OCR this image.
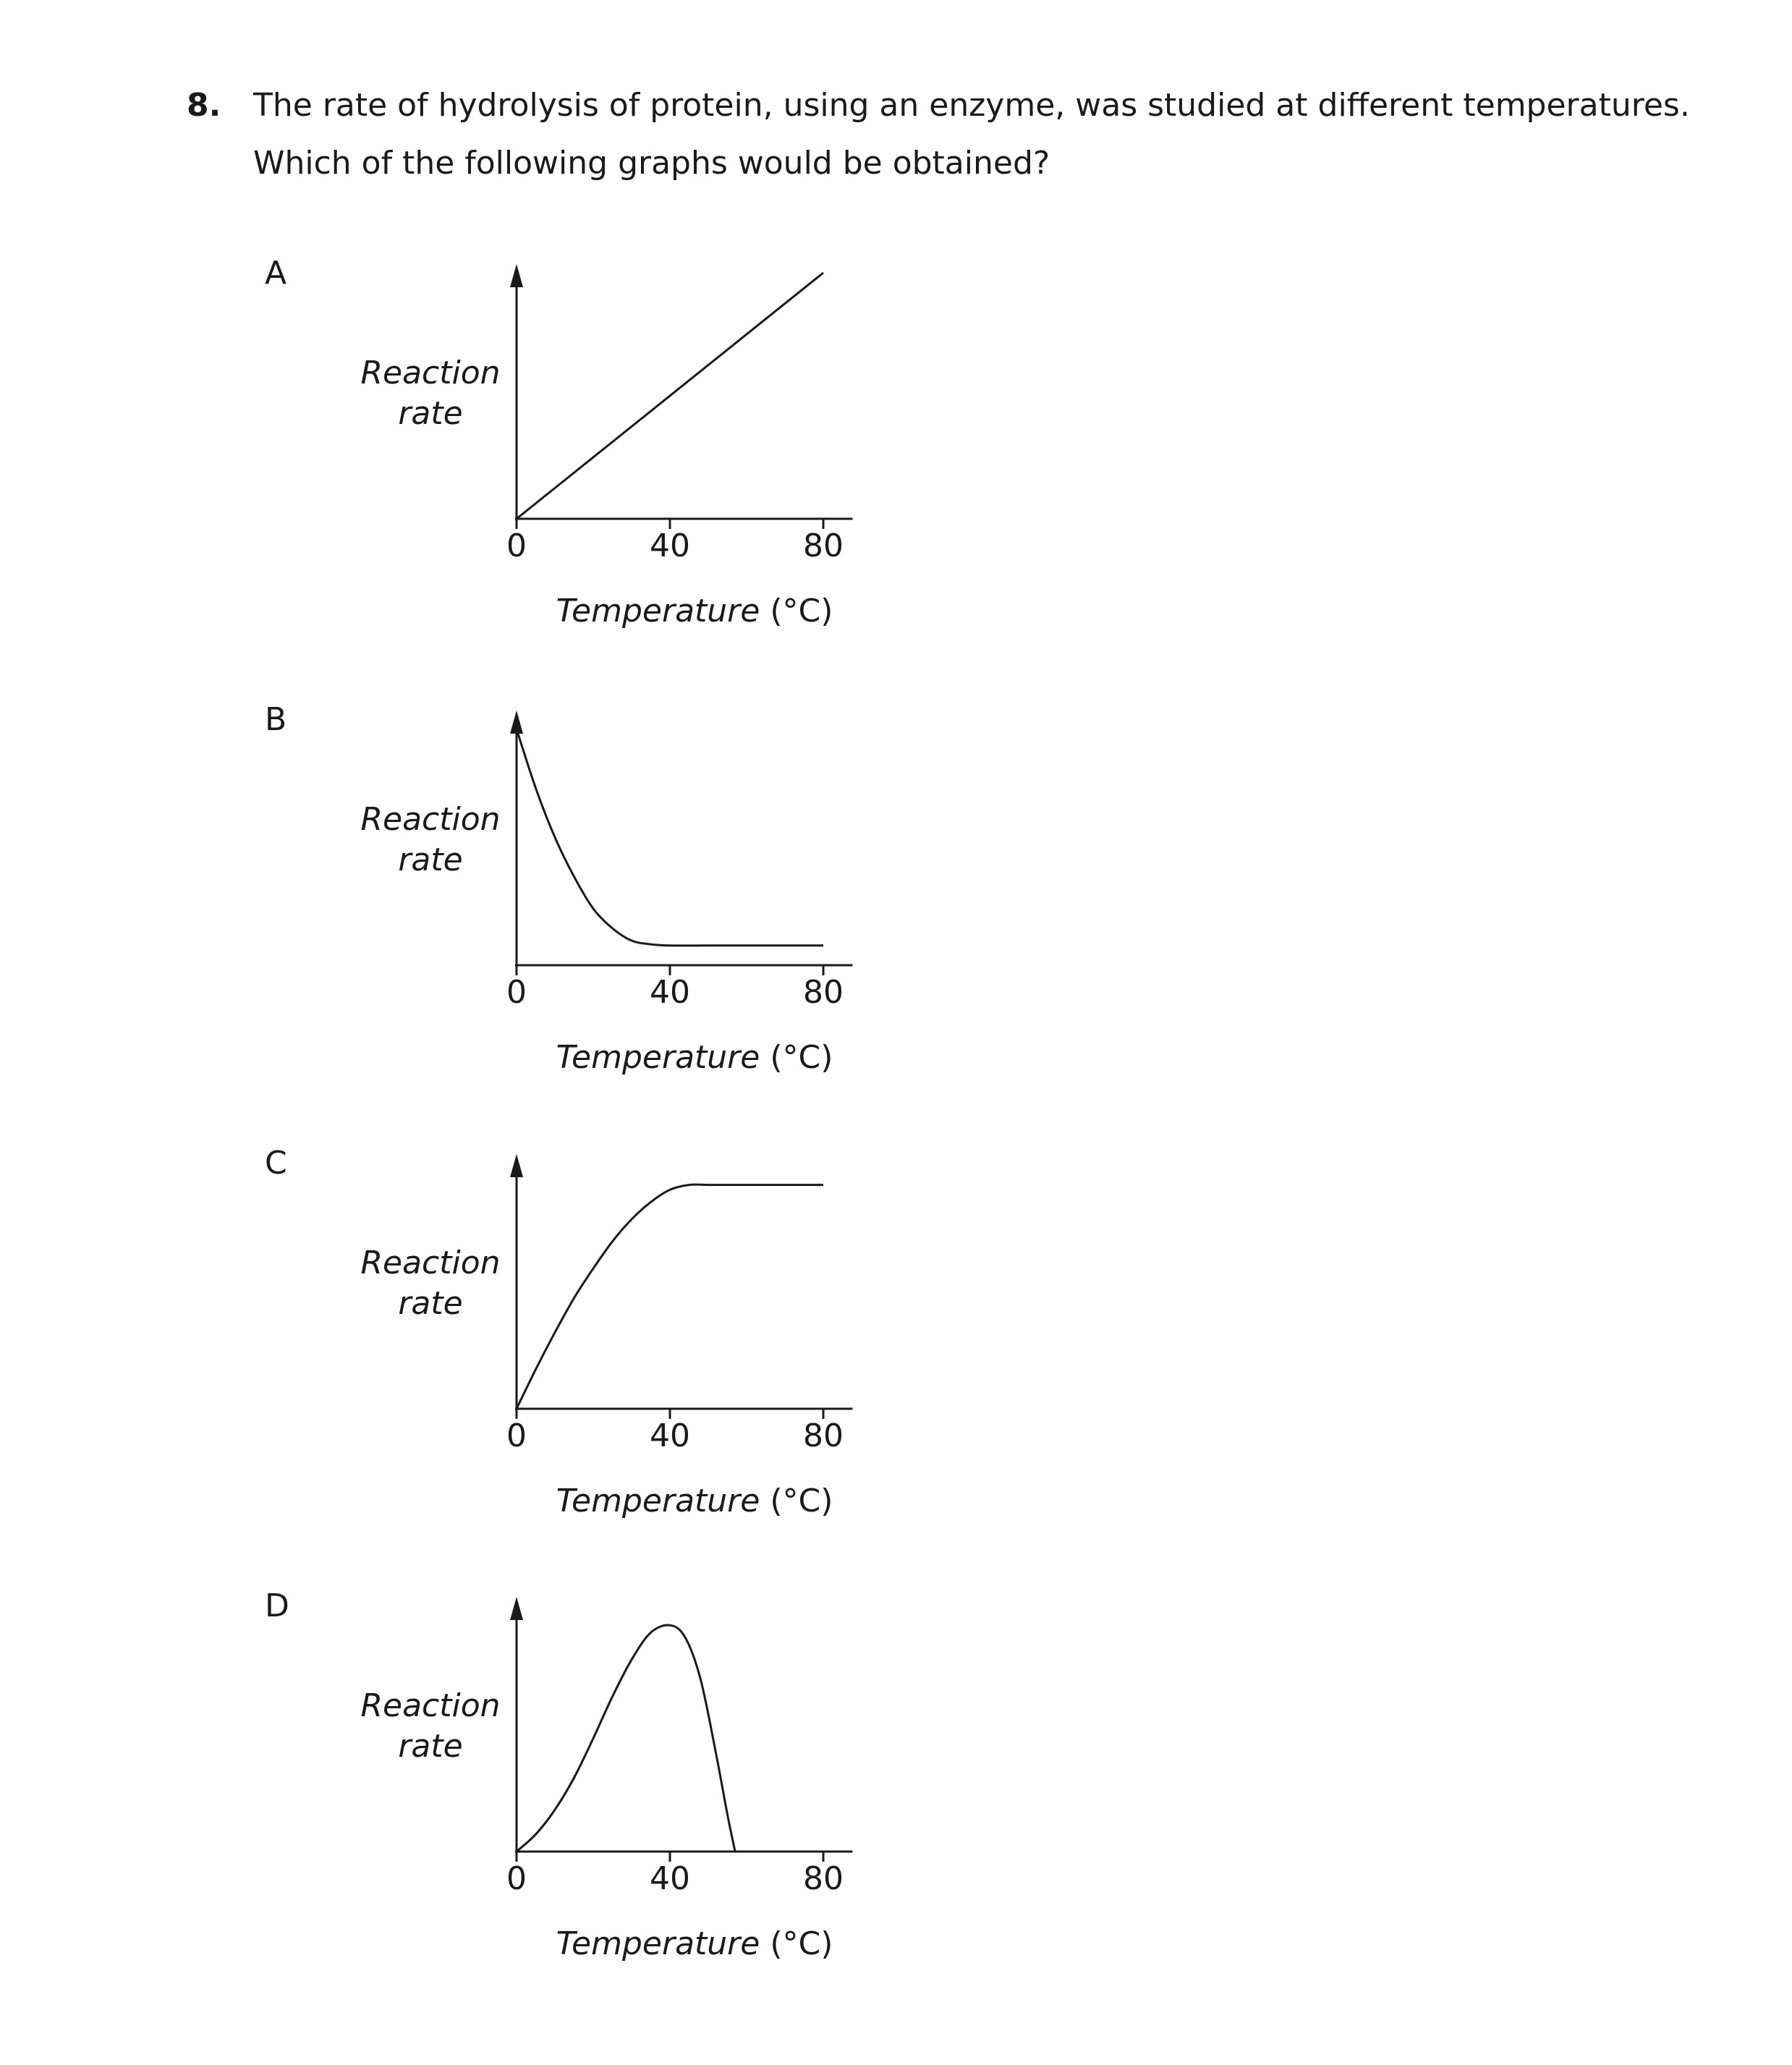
8. The rate of hydrolysis of protein, using an enzyme, was studied at different temperatures.
Which of the following graphs would be obtained?
A
Reaction
rate
0	40	80
Temperature (°C)
B
Reaction
rate
0	40	80
Temperature (°C)
C
Reaction
rate
0	40	80
Temperature (°C)
D
Reaction
rate
0	40	80
Temperature (°C)
